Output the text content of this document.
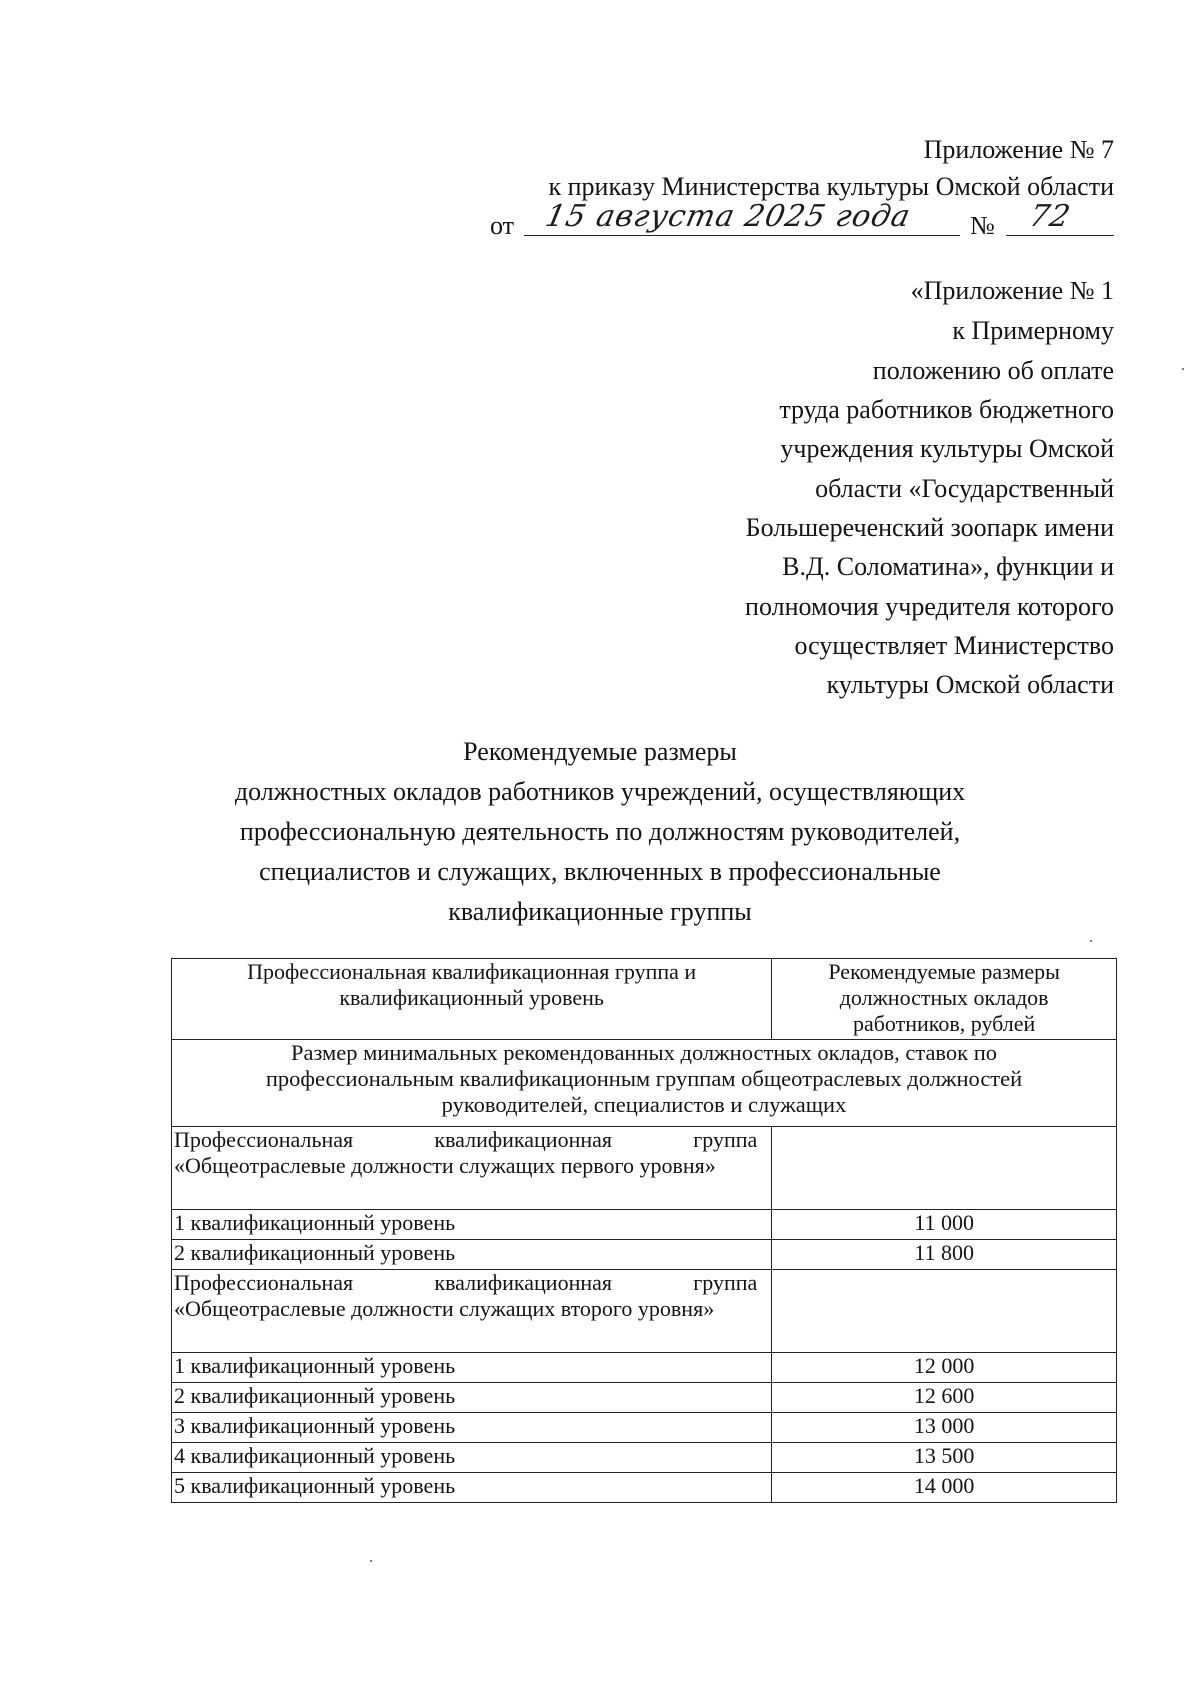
Приложение № 7
к приказу Министерства культуры Омской области
от 15 августа 2025 года № 72
«Приложение № 1
к Примерному
положению об оплате
труда работников бюджетного
учреждения культуры Омской
области «Государственный
Большереченский зоопарк имени
В.Д. Соломатина», функции и
полномочия учредителя которого
осуществляет Министерство
культуры Омской области
Рекомендуемые размеры
должностных окладов работников учреждений, осуществляющих
профессиональную деятельность по должностям руководителей,
специалистов и служащих, включенных в профессиональные
квалификационные группы
Профессиональная квалификационная группа и квалификационный уровень	Рекомендуемые размеры должностных окладов работников, рублей
Размер минимальных рекомендованных должностных окладов, ставок по профессиональным квалификационным группам общеотраслевых должностей руководителей, специалистов и служащих	
Профессиональная квалификационная группа «Общеотраслевые должности служащих первого уровня»	
1 квалификационный уровень	11 000
2 квалификационный уровень	11 800
Профессиональная квалификационная группа «Общеотраслевые должности служащих второго уровня»	
1 квалификационный уровень	12 000
2 квалификационный уровень	12 600
3 квалификационный уровень	13 000
4 квалификационный уровень	13 500
5 квалификационный уровень	14 000
